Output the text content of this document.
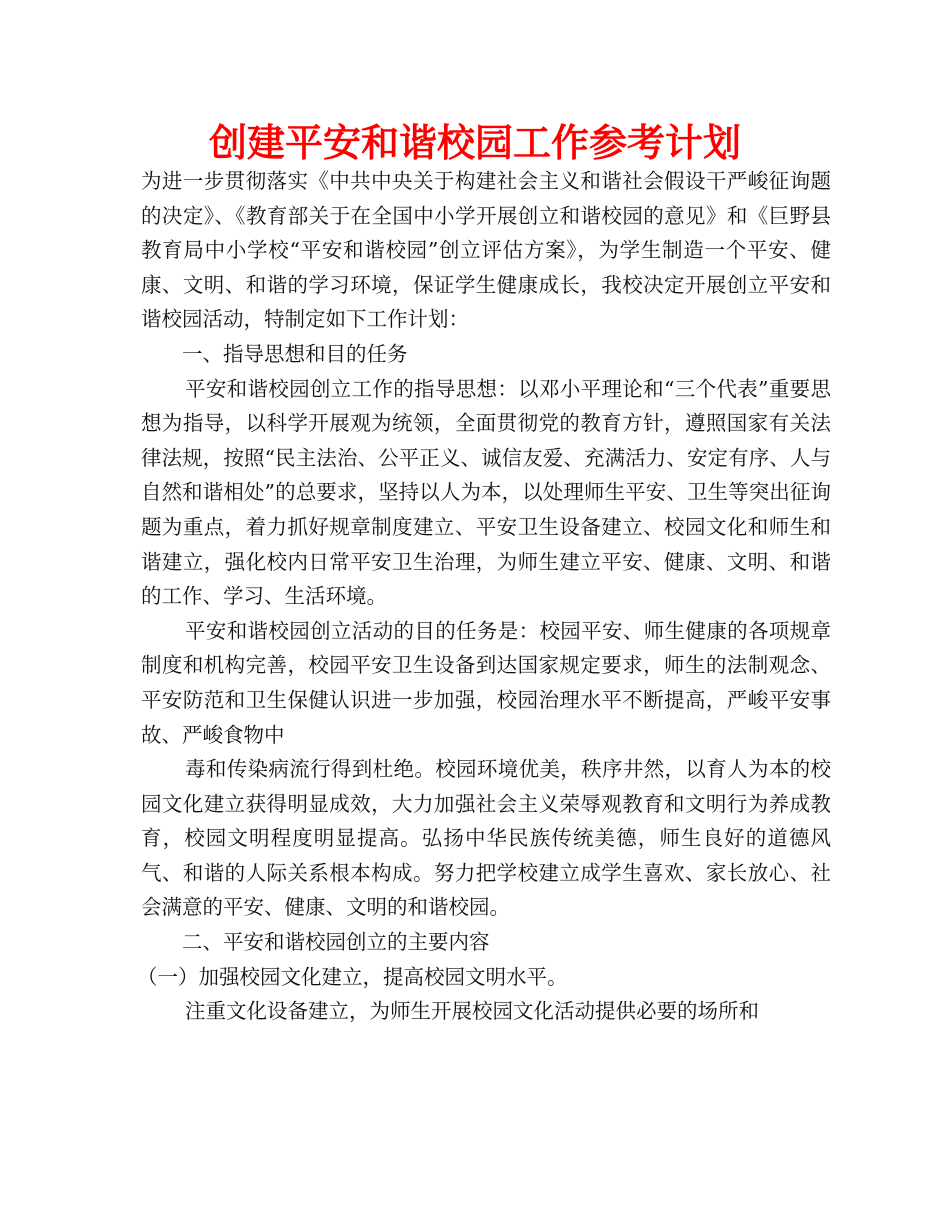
创建平安和谐校园工作参考计划

为进一步贯彻落实《中共中央关于构建社会主义和谐社会假设干严峻征询题的决定》、《教育部关于在全国中小学开展创立和谐校园的意见》和《巨野县教育局中小学校“平安和谐校园”创立评估方案》，为学生制造一个平安、健康、文明、和谐的学习环境，保证学生健康成长，我校决定开展创立平安和谐校园活动，特制定如下工作计划：

一、指导思想和目的任务

平安和谐校园创立工作的指导思想：以邓小平理论和“三个代表”重要思想为指导，以科学开展观为统领，全面贯彻党的教育方针，遵照国家有关法律法规，按照“民主法治、公平正义、诚信友爱、充满活力、安定有序、人与自然和谐相处”的总要求，坚持以人为本，以处理师生平安、卫生等突出征询题为重点，着力抓好规章制度建立、平安卫生设备建立、校园文化和师生和谐建立，强化校内日常平安卫生治理，为师生建立平安、健康、文明、和谐的工作、学习、生活环境。

平安和谐校园创立活动的目的任务是：校园平安、师生健康的各项规章制度和机构完善，校园平安卫生设备到达国家规定要求，师生的法制观念、平安防范和卫生保健认识进一步加强，校园治理水平不断提高，严峻平安事故、严峻食物中

毒和传染病流行得到杜绝。校园环境优美，秩序井然，以育人为本的校园文化建立获得明显成效，大力加强社会主义荣辱观教育和文明行为养成教育，校园文明程度明显提高。弘扬中华民族传统美德，师生良好的道德风气、和谐的人际关系根本构成。努力把学校建立成学生喜欢、家长放心、社会满意的平安、健康、文明的和谐校园。

二、平安和谐校园创立的主要内容

（一）加强校园文化建立，提高校园文明水平。

注重文化设备建立，为师生开展校园文化活动提供必要的场所和
